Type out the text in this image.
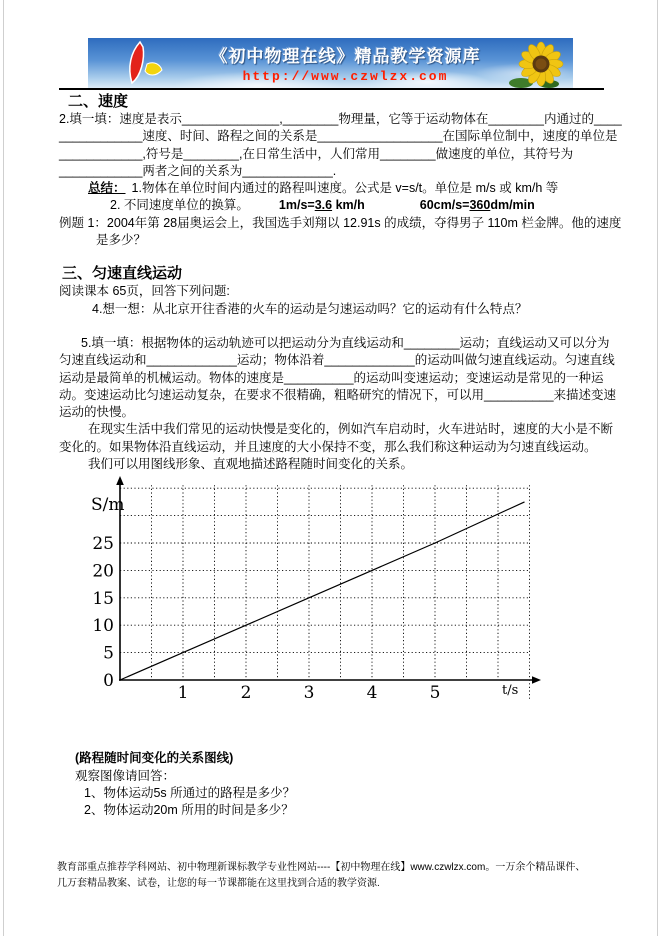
《初中物理在线》精品教学资源库
http://www.czwlzx.com
二、速度
2.填一填：速度是表示______________,________物理量，它等于运动物体在________内通过的____
____________速度、时间、路程之间的关系是__________________在国际单位制中，速度的单位是
____________,符号是________,在日常生活中，人们常用________做速度的单位，其符号为
____________两者之间的关系为_____________.
总结： 1.物体在单位时间内通过的路程叫速度。公式是 v=s/t。单位是 m/s 或 km/h 等
2. 不同速度单位的换算。 1m/s=3.6 km/h	60cm/s=360dm/min
例题 1：2004年第 28届奥运会上，我国选手刘翔以 12.91s 的成绩，夺得男子 110m 栏金牌。他的速度
是多少？
三、匀速直线运动
阅读课本 65页，回答下列问题:
4.想一想：从北京开往香港的火车的运动是匀速运动吗？它的运动有什么特点？
5.填一填：根据物体的运动轨迹可以把运动分为直线运动和________运动；直线运动又可以分为
匀速直线运动和_____________运动；物体沿着_____________的运动叫做匀速直线运动。匀速直线
运动是最简单的机械运动。物体的速度是__________的运动叫变速运动；变速运动是常见的一种运
动。变速运动比匀速运动复杂，在要求不很精确，粗略研究的情况下，可以用__________来描述变速
运动的快慢。
在现实生活中我们常见的运动快慢是变化的，例如汽车启动时，火车进站时，速度的大小是不断
变化的。如果物体沿直线运动，并且速度的大小保持不变，那么我们称这种运动为匀速直线运动。
我们可以用图线形象、直观地描述路程随时间变化的关系。
0
5
10
15
20
25
1	2	3	4	5
S/m
t/s
(路程随时间变化的关系图线)
观察图像请回答：
1、物体运动5s 所通过的路程是多少？
2、物体运动20m 所用的时间是多少？
教育部重点推荐学科网站、初中物理新课标教学专业性网站----【初中物理在线】www.czwlzx.com。一万余个精品课件、
几万套精品教案、试卷，让您的每一节课都能在这里找到合适的教学资源.
